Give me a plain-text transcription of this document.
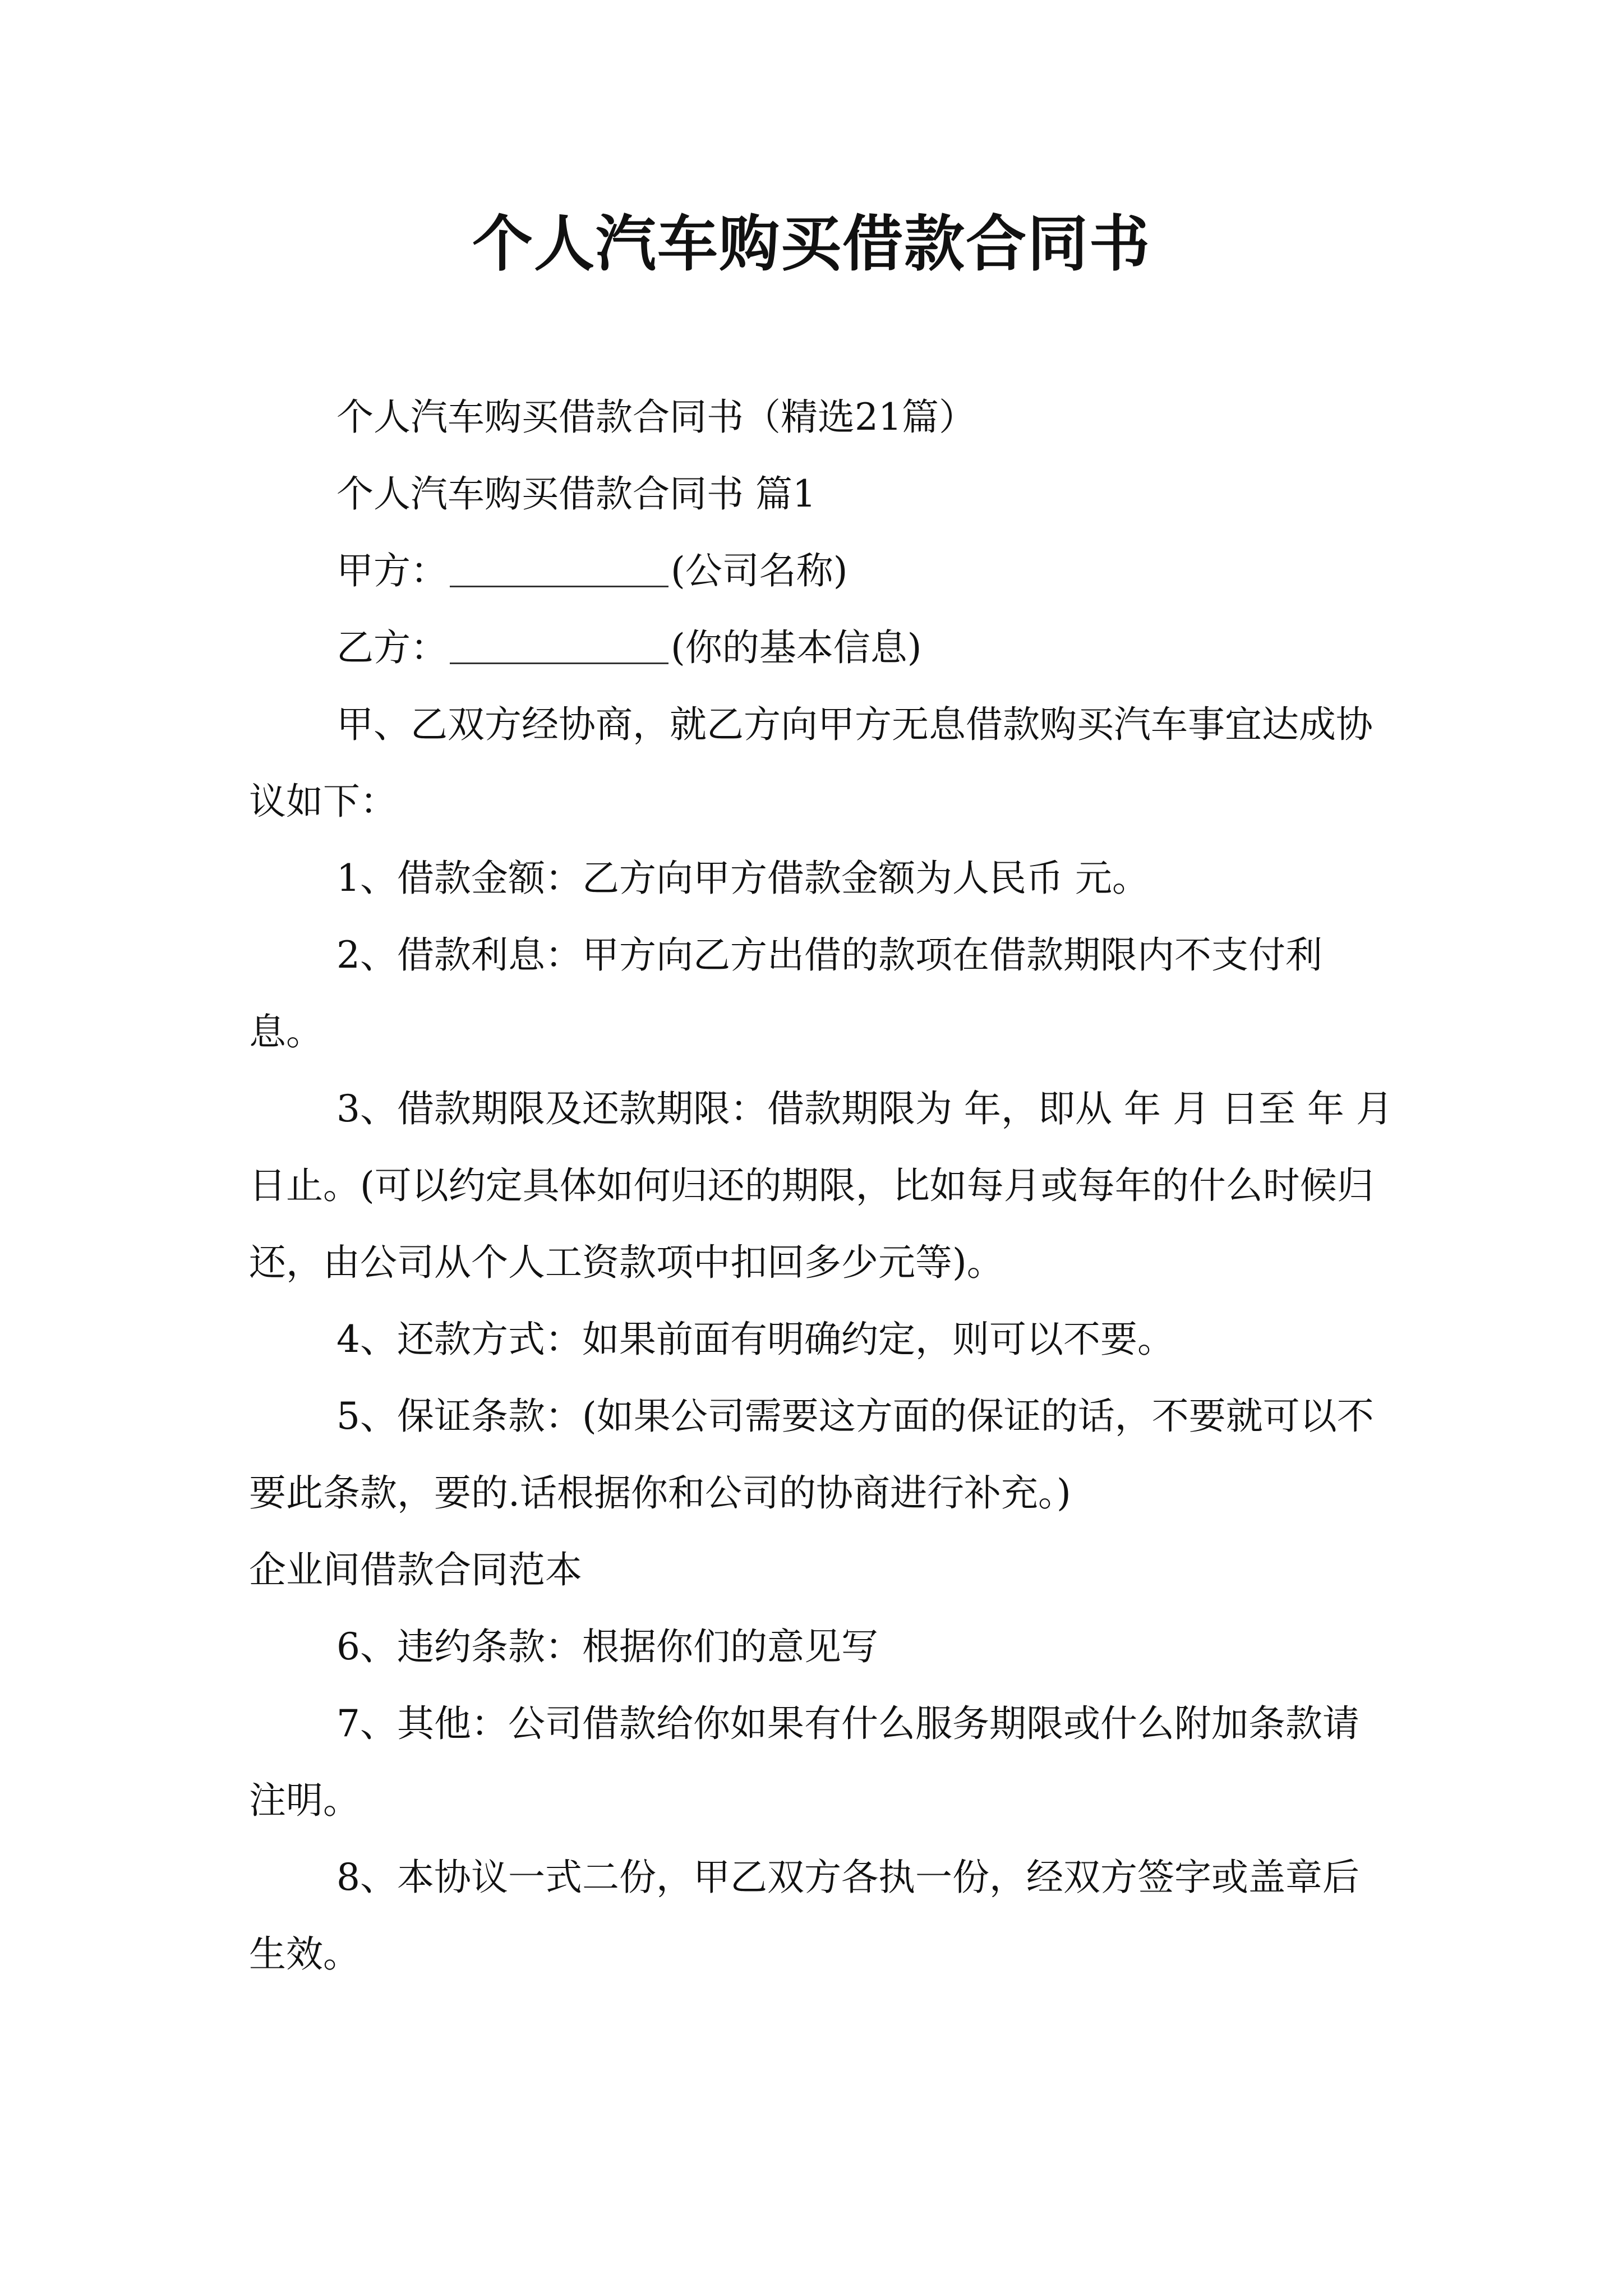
个人汽车购买借款合同书

个人汽车购买借款合同书（精选21篇）

个人汽车购买借款合同书 篇1

甲方：	(公司名称)

乙方：	(你的基本信息)

甲、乙双方经协商，就乙方向甲方无息借款购买汽车事宜达成协议如下：

1、借款金额：乙方向甲方借款金额为人民币 元。

2、借款利息：甲方向乙方出借的款项在借款期限内不支付利息。

3、借款期限及还款期限：借款期限为 年，即从 年 月 日至 年 月 日止。(可以约定具体如何归还的期限，比如每月或每年的什么时候归还，由公司从个人工资款项中扣回多少元等)。

4、还款方式：如果前面有明确约定，则可以不要。

5、保证条款：(如果公司需要这方面的保证的话，不要就可以不要此条款，要的.话根据你和公司的协商进行补充。)

企业间借款合同范本

6、违约条款：根据你们的意见写

7、其他：公司借款给你如果有什么服务期限或什么附加条款请注明。

8、本协议一式二份，甲乙双方各执一份，经双方签字或盖章后生效。
